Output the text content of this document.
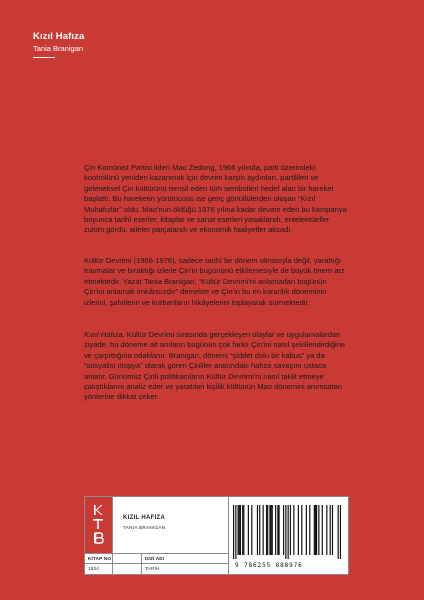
Kızıl Hafıza
Tania Branigan

Çin Komünist Partisi lideri Mao Zedong, 1966 yılında, parti üzerindeki kontrolünü yeniden kazanmak için devrim karşıtı aydınları, partilileri ve geleneksel Çin kültürünü temsil eden tüm sembolleri hedef alan bir hareket başlattı. Bu hareketin yürütücüsü ise genç gönüllülerden oluşan “Kızıl Muhafızlar” oldu. Mao'nun öldüğü 1976 yılına kadar devam eden bu kampanya boyunca tarihî eserler, kitaplar ve sanat eserleri yasaklandı, entelektüeller zulüm gördü, aileler parçalandı ve ekonomik faaliyetler aksadı.

Kültür Devrimi (1966-1976), sadece tarihî bir dönem olmasıyla değil, yarattığı travmalar ve bıraktığı izlerle Çin'in bugününü etkilemesiyle de büyük önem arz etmektedir. Yazar Tania Branigan, “Kültür Devrimi'ni anlamadan bugünün Çin'ini anlamak imkânsızdır” demekte ve Çin'in bu en karanlık döneminin izlerini, şahitlerin ve kurbanların hikâyelerini toplayarak sürmektedir.

Kızıl Hafıza, Kültür Devrimi sırasında gerçekleşen olaylar ve uygulamalardan ziyade, bu döneme ait anıların bugünün çok farklı Çin'ini nasıl şekillendirdiğine ve çarpıttığına odaklanır. Branigan, dönemi “şiddet dolu bir kabus” ya da “sosyalist ütopya” olarak gören Çinliler arasındaki hafıza savaşını ustaca anlatır. Günümüz Çinli politikacıların Kültür Devrimi'ni nasıl taklit etmeye çalıştıklarını analiz eder ve yaratılan kişilik kültünün Mao dönemini anımsatan yönlerine dikkat çeker.

KIZIL HAFIZA
TANIA BRANIGAN
KİTAP NO	DİZİ ADI
1534	TARİH	9 786255 888976
